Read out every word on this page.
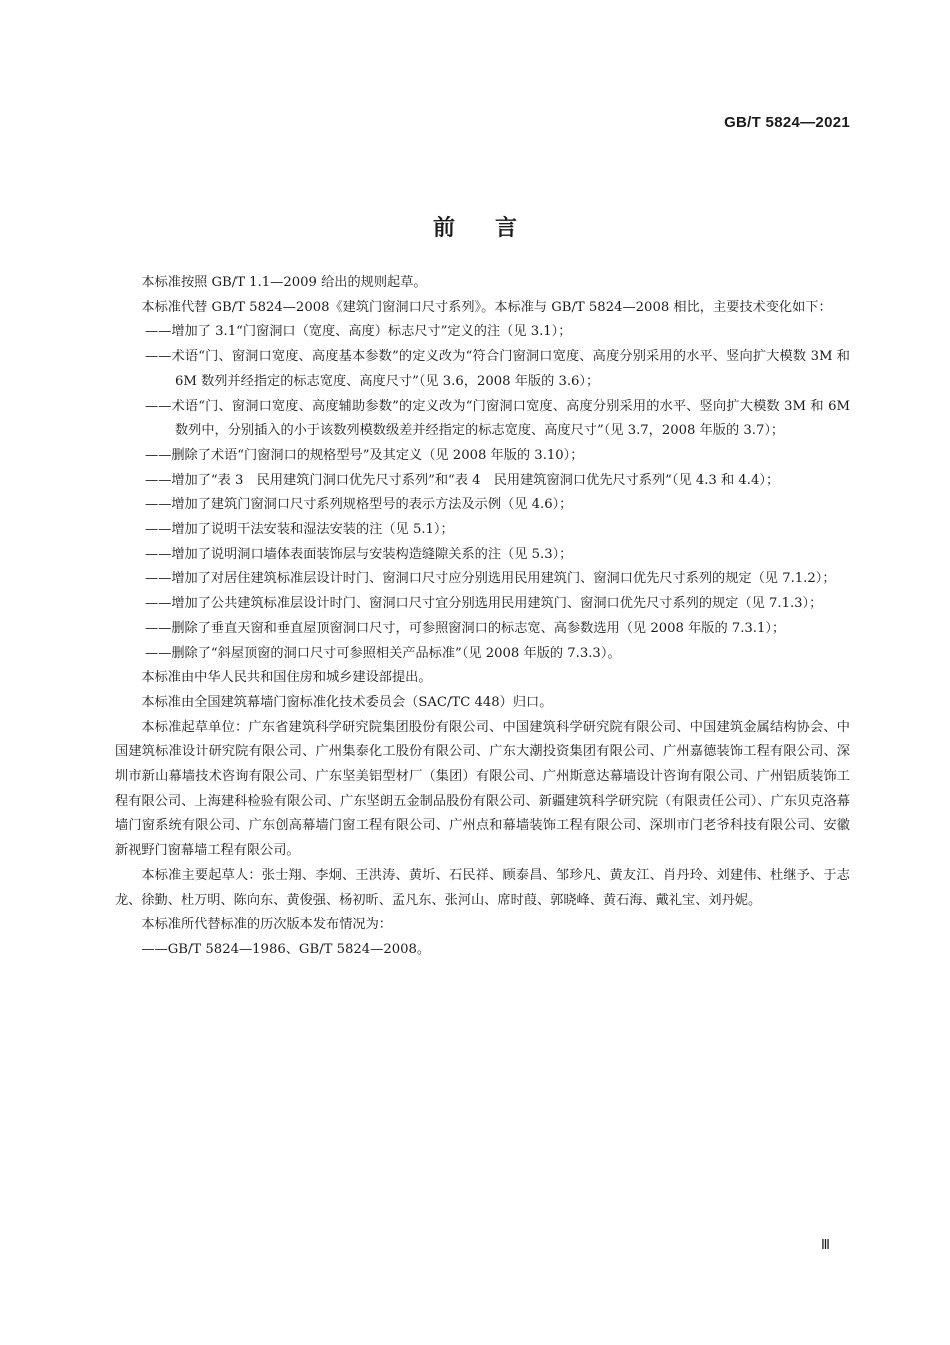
GB/T 5824—2021
前言

本标准按照 GB/T 1.1—2009 给出的规则起草。

本标准代替 GB/T 5824—2008《建筑门窗洞口尺寸系列》。本标准与 GB/T 5824—2008 相比，主要技术变化如下：

——增加了 3.1“门窗洞口（宽度、高度）标志尺寸”定义的注（见 3.1）；

——术语“门、窗洞口宽度、高度基本参数”的定义改为“符合门窗洞口宽度、高度分别采用的水平、竖向扩大模数 3M 和 6M 数列并经指定的标志宽度、高度尺寸”（见 3.6，2008 年版的 3.6）；

——术语“门、窗洞口宽度、高度辅助参数”的定义改为“门窗洞口宽度、高度分别采用的水平、竖向扩大模数 3M 和 6M 数列中，分别插入的小于该数列模数级差并经指定的标志宽度、高度尺寸”（见 3.7，2008 年版的 3.7）；

——删除了术语“门窗洞口的规格型号”及其定义（见 2008 年版的 3.10）；

——增加了“表 3　民用建筑门洞口优先尺寸系列”和“表 4　民用建筑窗洞口优先尺寸系列”（见 4.3 和 4.4）；

——增加了建筑门窗洞口尺寸系列规格型号的表示方法及示例（见 4.6）；

——增加了说明干法安装和湿法安装的注（见 5.1）；

——增加了说明洞口墙体表面装饰层与安装构造缝隙关系的注（见 5.3）；

——增加了对居住建筑标准层设计时门、窗洞口尺寸应分别选用民用建筑门、窗洞口优先尺寸系列的规定（见 7.1.2）；

——增加了公共建筑标准层设计时门、窗洞口尺寸宜分别选用民用建筑门、窗洞口优先尺寸系列的规定（见 7.1.3）；

——删除了垂直天窗和垂直屋顶窗洞口尺寸，可参照窗洞口的标志宽、高参数选用（见 2008 年版的 7.3.1）；

——删除了“斜屋顶窗的洞口尺寸可参照相关产品标准”（见 2008 年版的 7.3.3）。

本标准由中华人民共和国住房和城乡建设部提出。

本标准由全国建筑幕墙门窗标准化技术委员会（SAC/TC 448）归口。

本标准起草单位：广东省建筑科学研究院集团股份有限公司、中国建筑科学研究院有限公司、中国建筑金属结构协会、中国建筑标准设计研究院有限公司、广州集泰化工股份有限公司、广东大潮投资集团有限公司、广州嘉德装饰工程有限公司、深圳市新山幕墙技术咨询有限公司、广东坚美铝型材厂（集团）有限公司、广州斯意达幕墙设计咨询有限公司、广州铝质装饰工程有限公司、上海建科检验有限公司、广东坚朗五金制品股份有限公司、新疆建筑科学研究院（有限责任公司）、广东贝克洛幕墙门窗系统有限公司、广东创高幕墙门窗工程有限公司、广州点和幕墙装饰工程有限公司、深圳市门老爷科技有限公司、安徽新视野门窗幕墙工程有限公司。

本标准主要起草人：张士翔、李炯、王洪涛、黄圻、石民祥、顾泰昌、邹珍凡、黄友江、肖丹玲、刘建伟、杜继予、于志龙、徐勤、杜万明、陈向东、黄俊强、杨初昕、孟凡东、张河山、席时葭、郭晓峰、黄石海、戴礼宝、刘丹妮。

本标准所代替标准的历次版本发布情况为：

——GB/T 5824—1986、GB/T 5824—2008。

Ⅲ
